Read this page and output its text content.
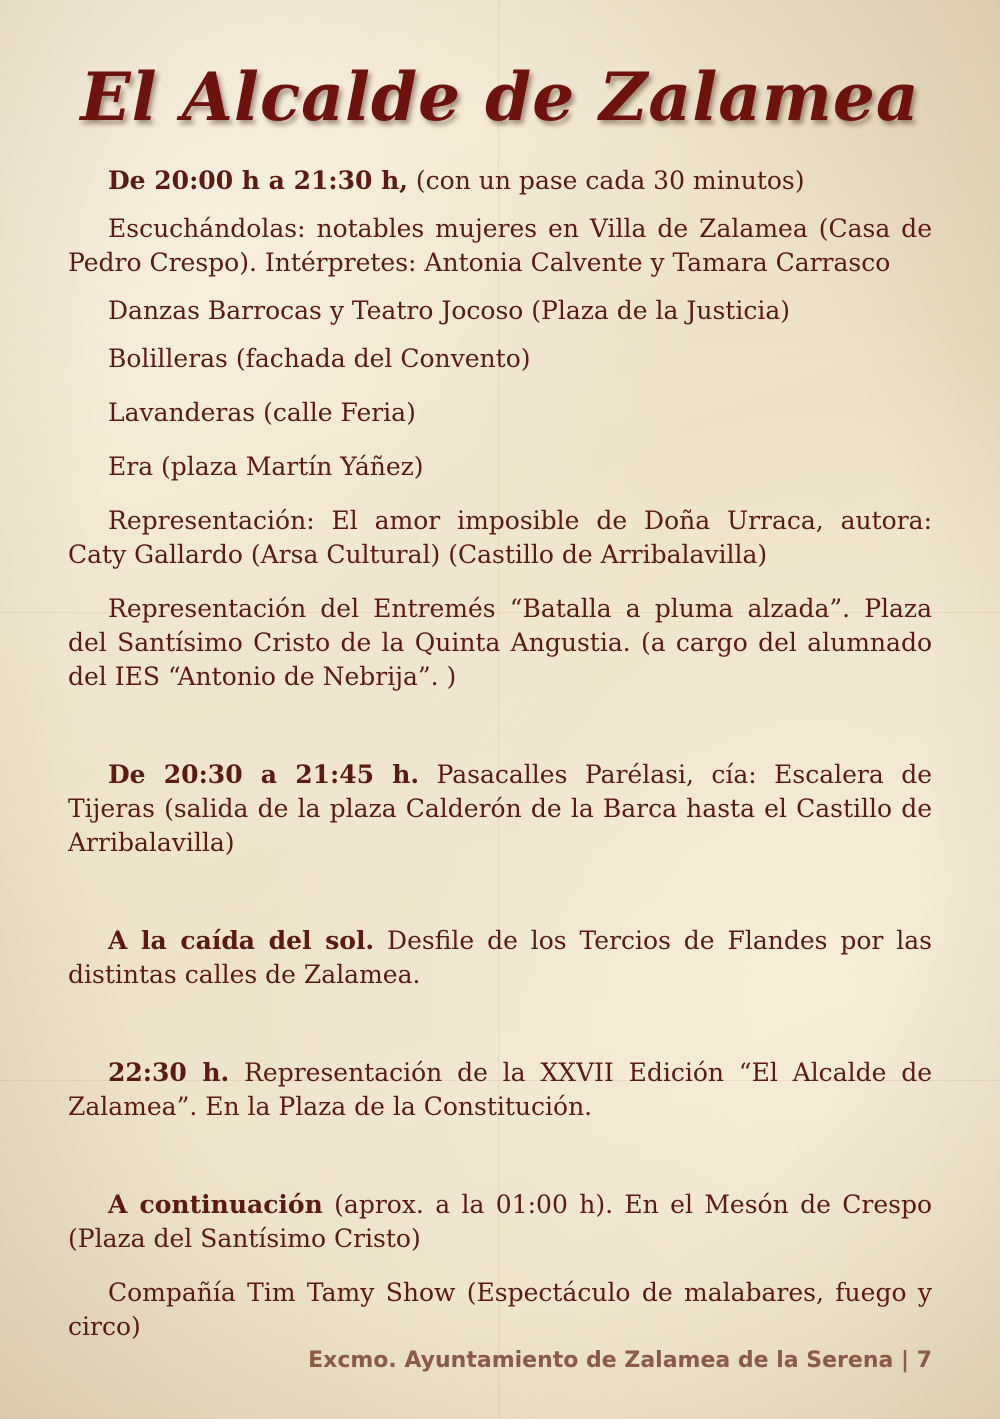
El Alcalde de Zalamea

De 20:00 h a 21:30 h, (con un pase cada 30 minutos)

Escuchándolas: notables mujeres en Villa de Zalamea (Casa de Pedro Crespo). Intérpretes: Antonia Calvente y Tamara Carrasco

Danzas Barrocas y Teatro Jocoso (Plaza de la Justicia)

Bolilleras (fachada del Convento)

Lavanderas (calle Feria)

Era (plaza Martín Yáñez)

Representación: El amor imposible de Doña Urraca, autora: Caty Gallardo (Arsa Cultural) (Castillo de Arribalavilla)

Representación del Entremés “Batalla a pluma alzada”. Plaza del Santísimo Cristo de la Quinta Angustia. (a cargo del alumnado del IES “Antonio de Nebrija”. )

De 20:30 a 21:45 h. Pasacalles Parélasi, cía: Escalera de Tijeras (salida de la plaza Calderón de la Barca hasta el Castillo de Arribalavilla)

A la caída del sol. Desfile de los Tercios de Flandes por las distintas calles de Zalamea.

22:30 h. Representación de la XXVII Edición “El Alcalde de Zalamea”. En la Plaza de la Constitución.

A continuación (aprox. a la 01:00 h). En el Mesón de Crespo (Plaza del Santísimo Cristo)

Compañía Tim Tamy Show (Espectáculo de malabares, fuego y circo)

Excmo. Ayuntamiento de Zalamea de la Serena | 7
